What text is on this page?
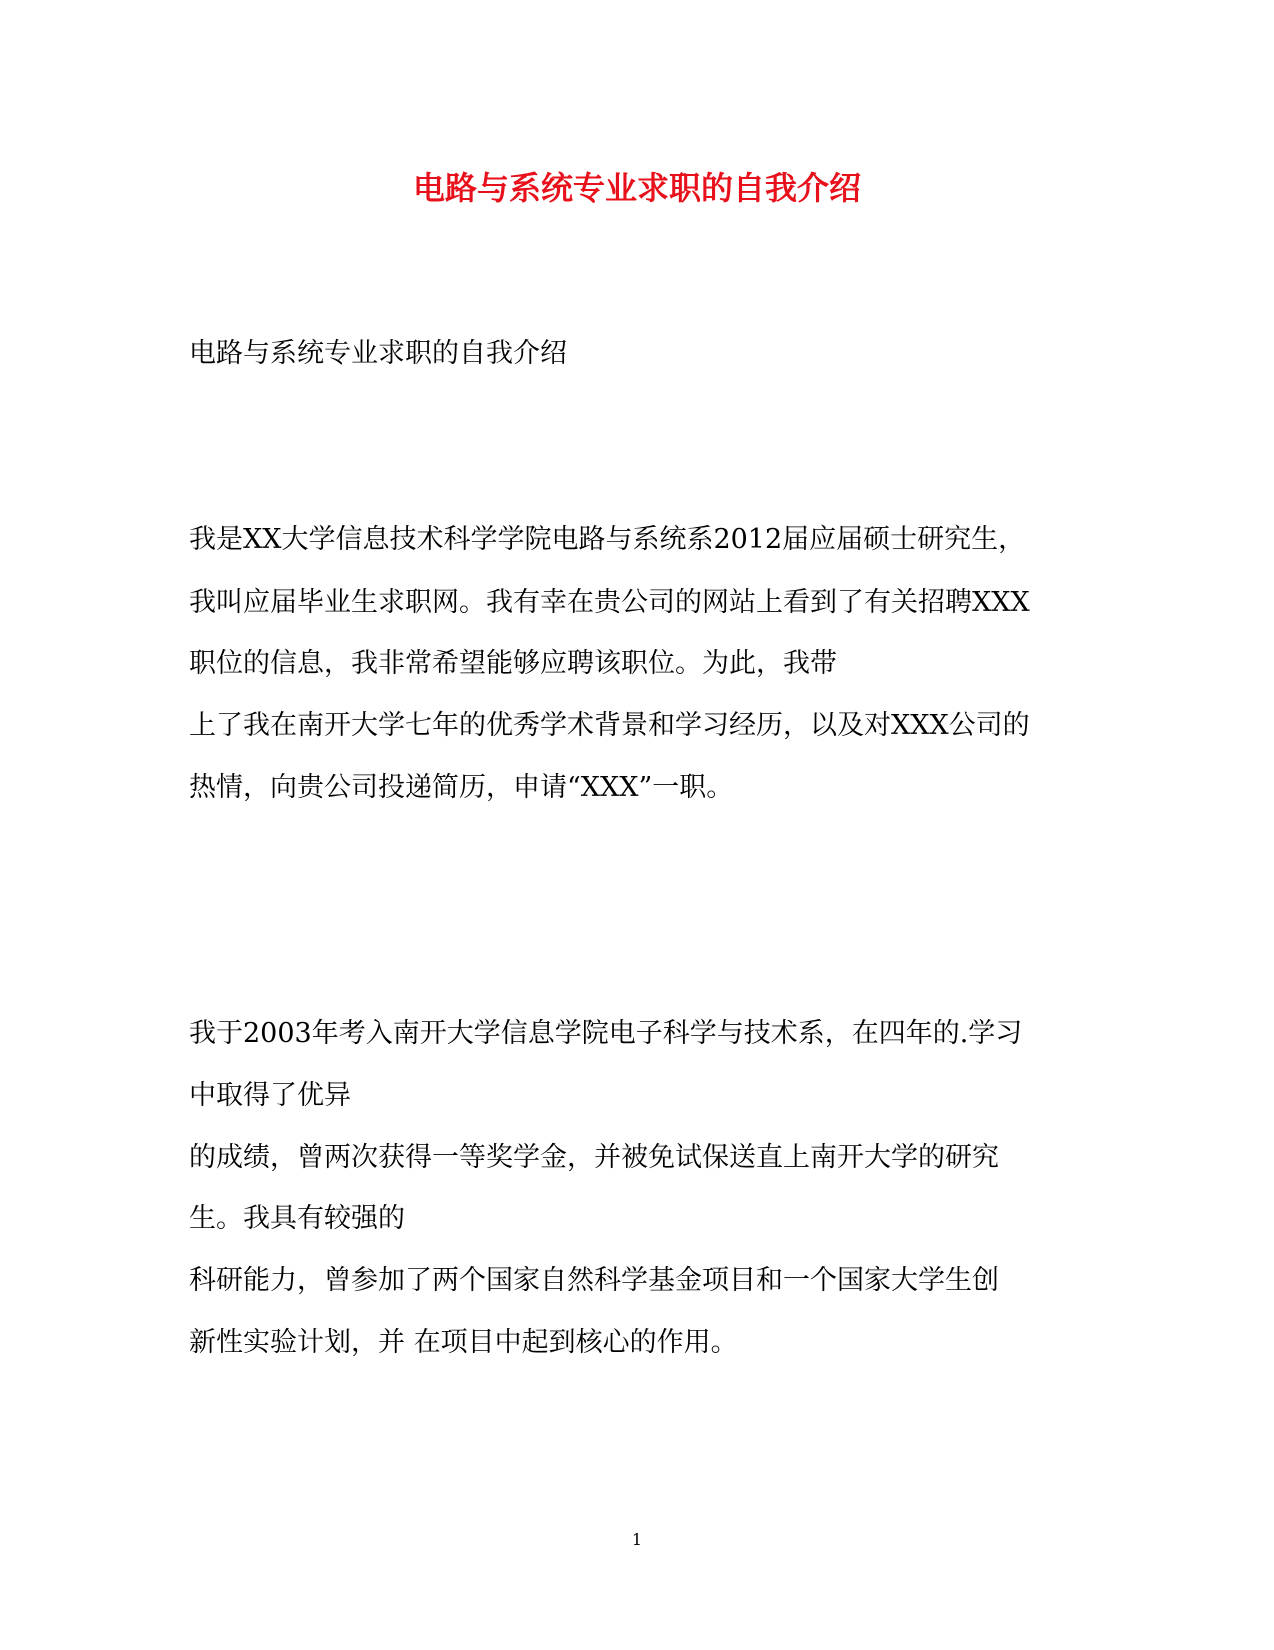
电路与系统专业求职的自我介绍
电路与系统专业求职的自我介绍
我是XX大学信息技术科学学院电路与系统系2012届应届硕士研究生，
我叫应届毕业生求职网。我有幸在贵公司的网站上看到了有关招聘XXX
职位的信息，我非常希望能够应聘该职位。为此，我带
上了我在南开大学七年的优秀学术背景和学习经历，以及对XXX公司的
热情，向贵公司投递简历，申请“XXX”一职。
我于2003年考入南开大学信息学院电子科学与技术系，在四年的.学习
中取得了优异
的成绩，曾两次获得一等奖学金，并被免试保送直上南开大学的研究
生。我具有较强的
科研能力，曾参加了两个国家自然科学基金项目和一个国家大学生创
新性实验计划，并 在项目中起到核心的作用。
1
